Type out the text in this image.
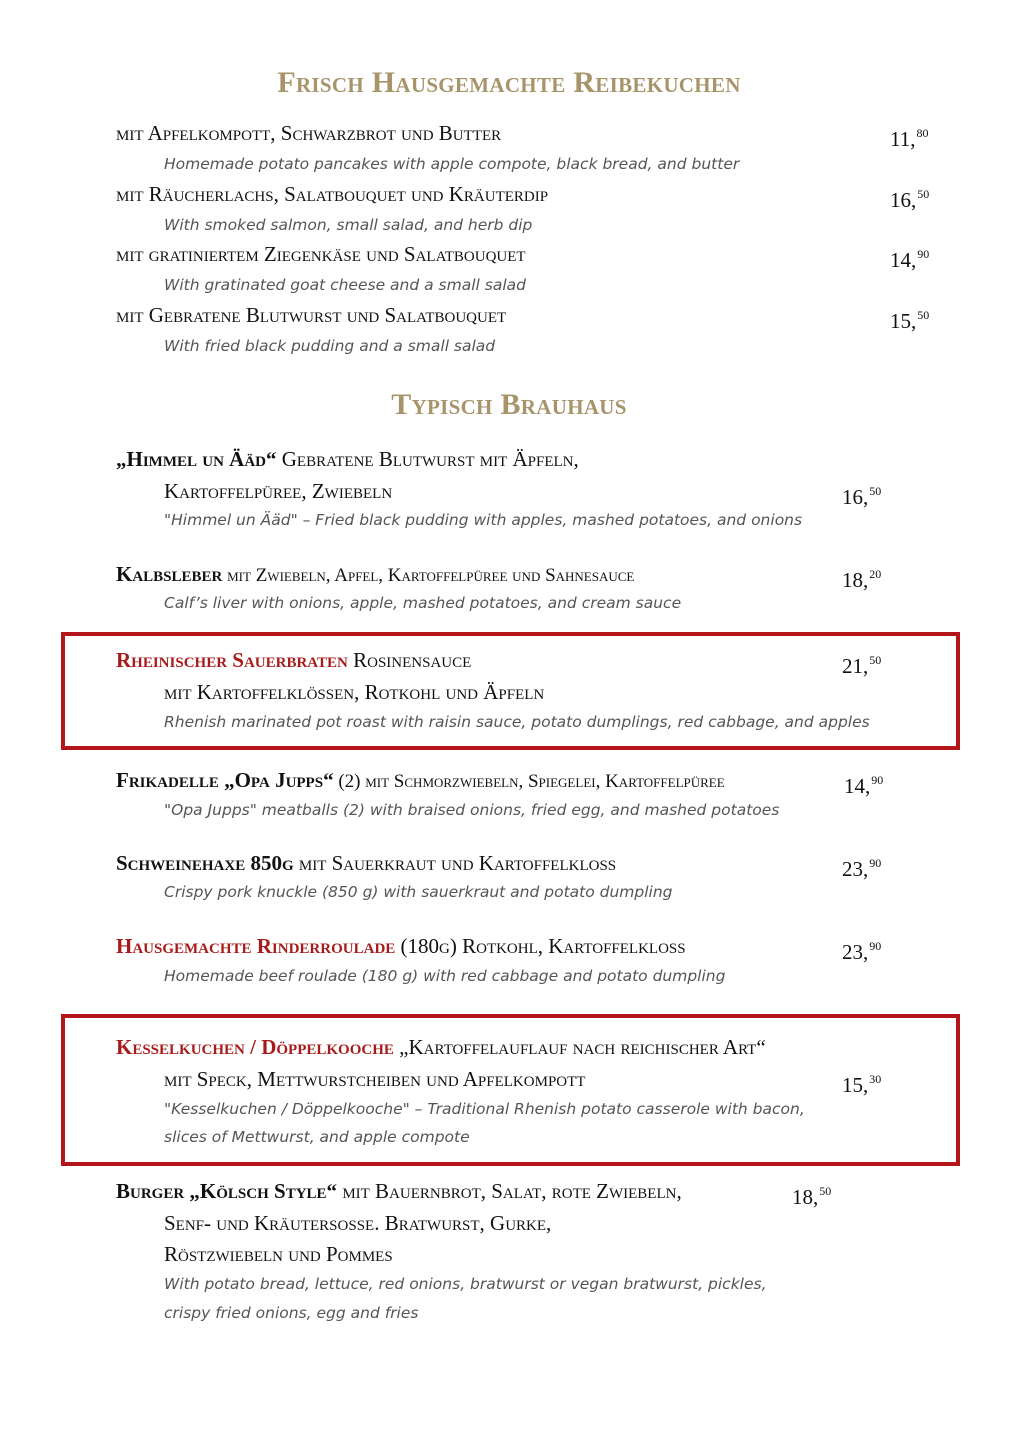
Frisch Hausgemachte Reibekuchen
mit Apfelkompott, Schwarzbrot und Butter	11,80
Homemade potato pancakes with apple compote, black bread, and butter
mit Räucherlachs, Salatbouquet und Kräuterdip	16,50
With smoked salmon, small salad, and herb dip
mit gratiniertem Ziegenkäse und Salatbouquet	14,90
With gratinated goat cheese and a small salad
mit Gebratene Blutwurst und Salatbouquet	15,50
With fried black pudding and a small salad
Typisch Brauhaus
„Himmel un Ääd“ Gebratene Blutwurst mit Äpfeln,
Kartoffelpüree, Zwiebeln	16,50
"Himmel un Ääd" – Fried black pudding with apples, mashed potatoes, and onions
Kalbsleber mit Zwiebeln, Apfel, Kartoffelpüree und Sahnesauce	18,20
Calf’s liver with onions, apple, mashed potatoes, and cream sauce
Rheinischer Sauerbraten Rosinensauce	21,50
mit Kartoffelklößen, Rotkohl und Äpfeln
Rhenish marinated pot roast with raisin sauce, potato dumplings, red cabbage, and apples
Frikadelle „Opa Jupps“ (2) mit Schmorzwiebeln, Spiegelei, Kartoffelpüree	14,90
"Opa Jupps" meatballs (2) with braised onions, fried egg, and mashed potatoes
Schweinehaxe 850g mit Sauerkraut und Kartoffelkloß	23,90
Crispy pork knuckle (850 g) with sauerkraut and potato dumpling
Hausgemachte Rinderroulade (180g) Rotkohl, Kartoffelkloß	23,90
Homemade beef roulade (180 g) with red cabbage and potato dumpling
Kesselkuchen / Döppelkooche „Kartoffelauflauf nach reichischer Art“
mit Speck, Mettwurstcheiben und Apfelkompott	15,30
"Kesselkuchen / Döppelkooche" – Traditional Rhenish potato casserole with bacon,
slices of Mettwurst, and apple compote
Burger „Kölsch Style“ mit Bauernbrot, Salat, rote Zwiebeln,	18,50
Senf- und Kräutersoße. Bratwurst, Gurke,
Röstzwiebeln und Pommes
With potato bread, lettuce, red onions, bratwurst or vegan bratwurst, pickles,
crispy fried onions, egg and fries
